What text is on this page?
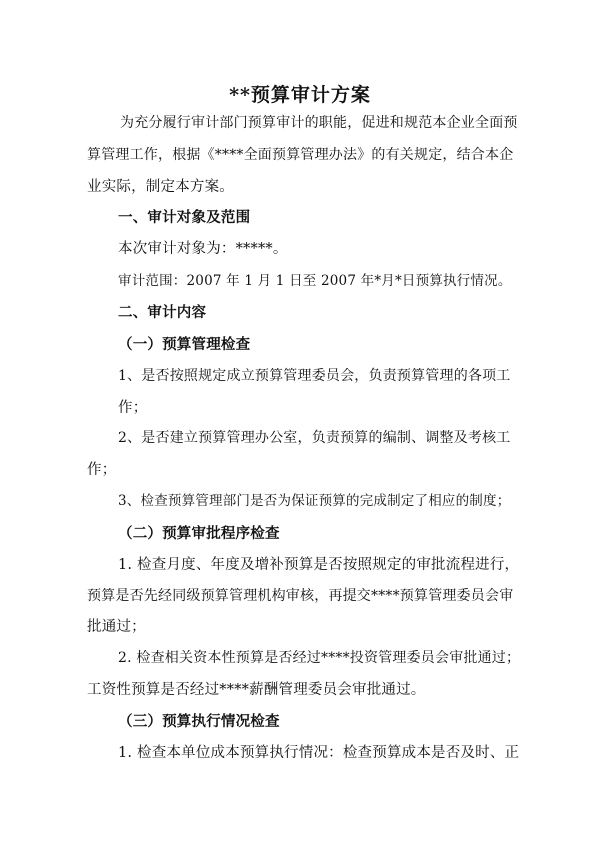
**预算审计方案
为充分履行审计部门预算审计的职能，促进和规范本企业全面预
算管理工作，根据《****全面预算管理办法》的有关规定，结合本企
业实际，制定本方案。
一、审计对象及范围
本次审计对象为：*****。
审计范围：2007 年 1 月 1 日至 2007 年*月*日预算执行情况。
二、审计内容
（一）预算管理检查
1、是否按照规定成立预算管理委员会，负责预算管理的各项工
作；
2、是否建立预算管理办公室，负责预算的编制、调整及考核工
作；
3、检查预算管理部门是否为保证预算的完成制定了相应的制度；
（二）预算审批程序检查
1. 检查月度、年度及增补预算是否按照规定的审批流程进行，
预算是否先经同级预算管理机构审核，再提交****预算管理委员会审
批通过；
2. 检查相关资本性预算是否经过****投资管理委员会审批通过；
工资性预算是否经过****薪酬管理委员会审批通过。
（三）预算执行情况检查
1. 检查本单位成本预算执行情况：检查预算成本是否及时、正
